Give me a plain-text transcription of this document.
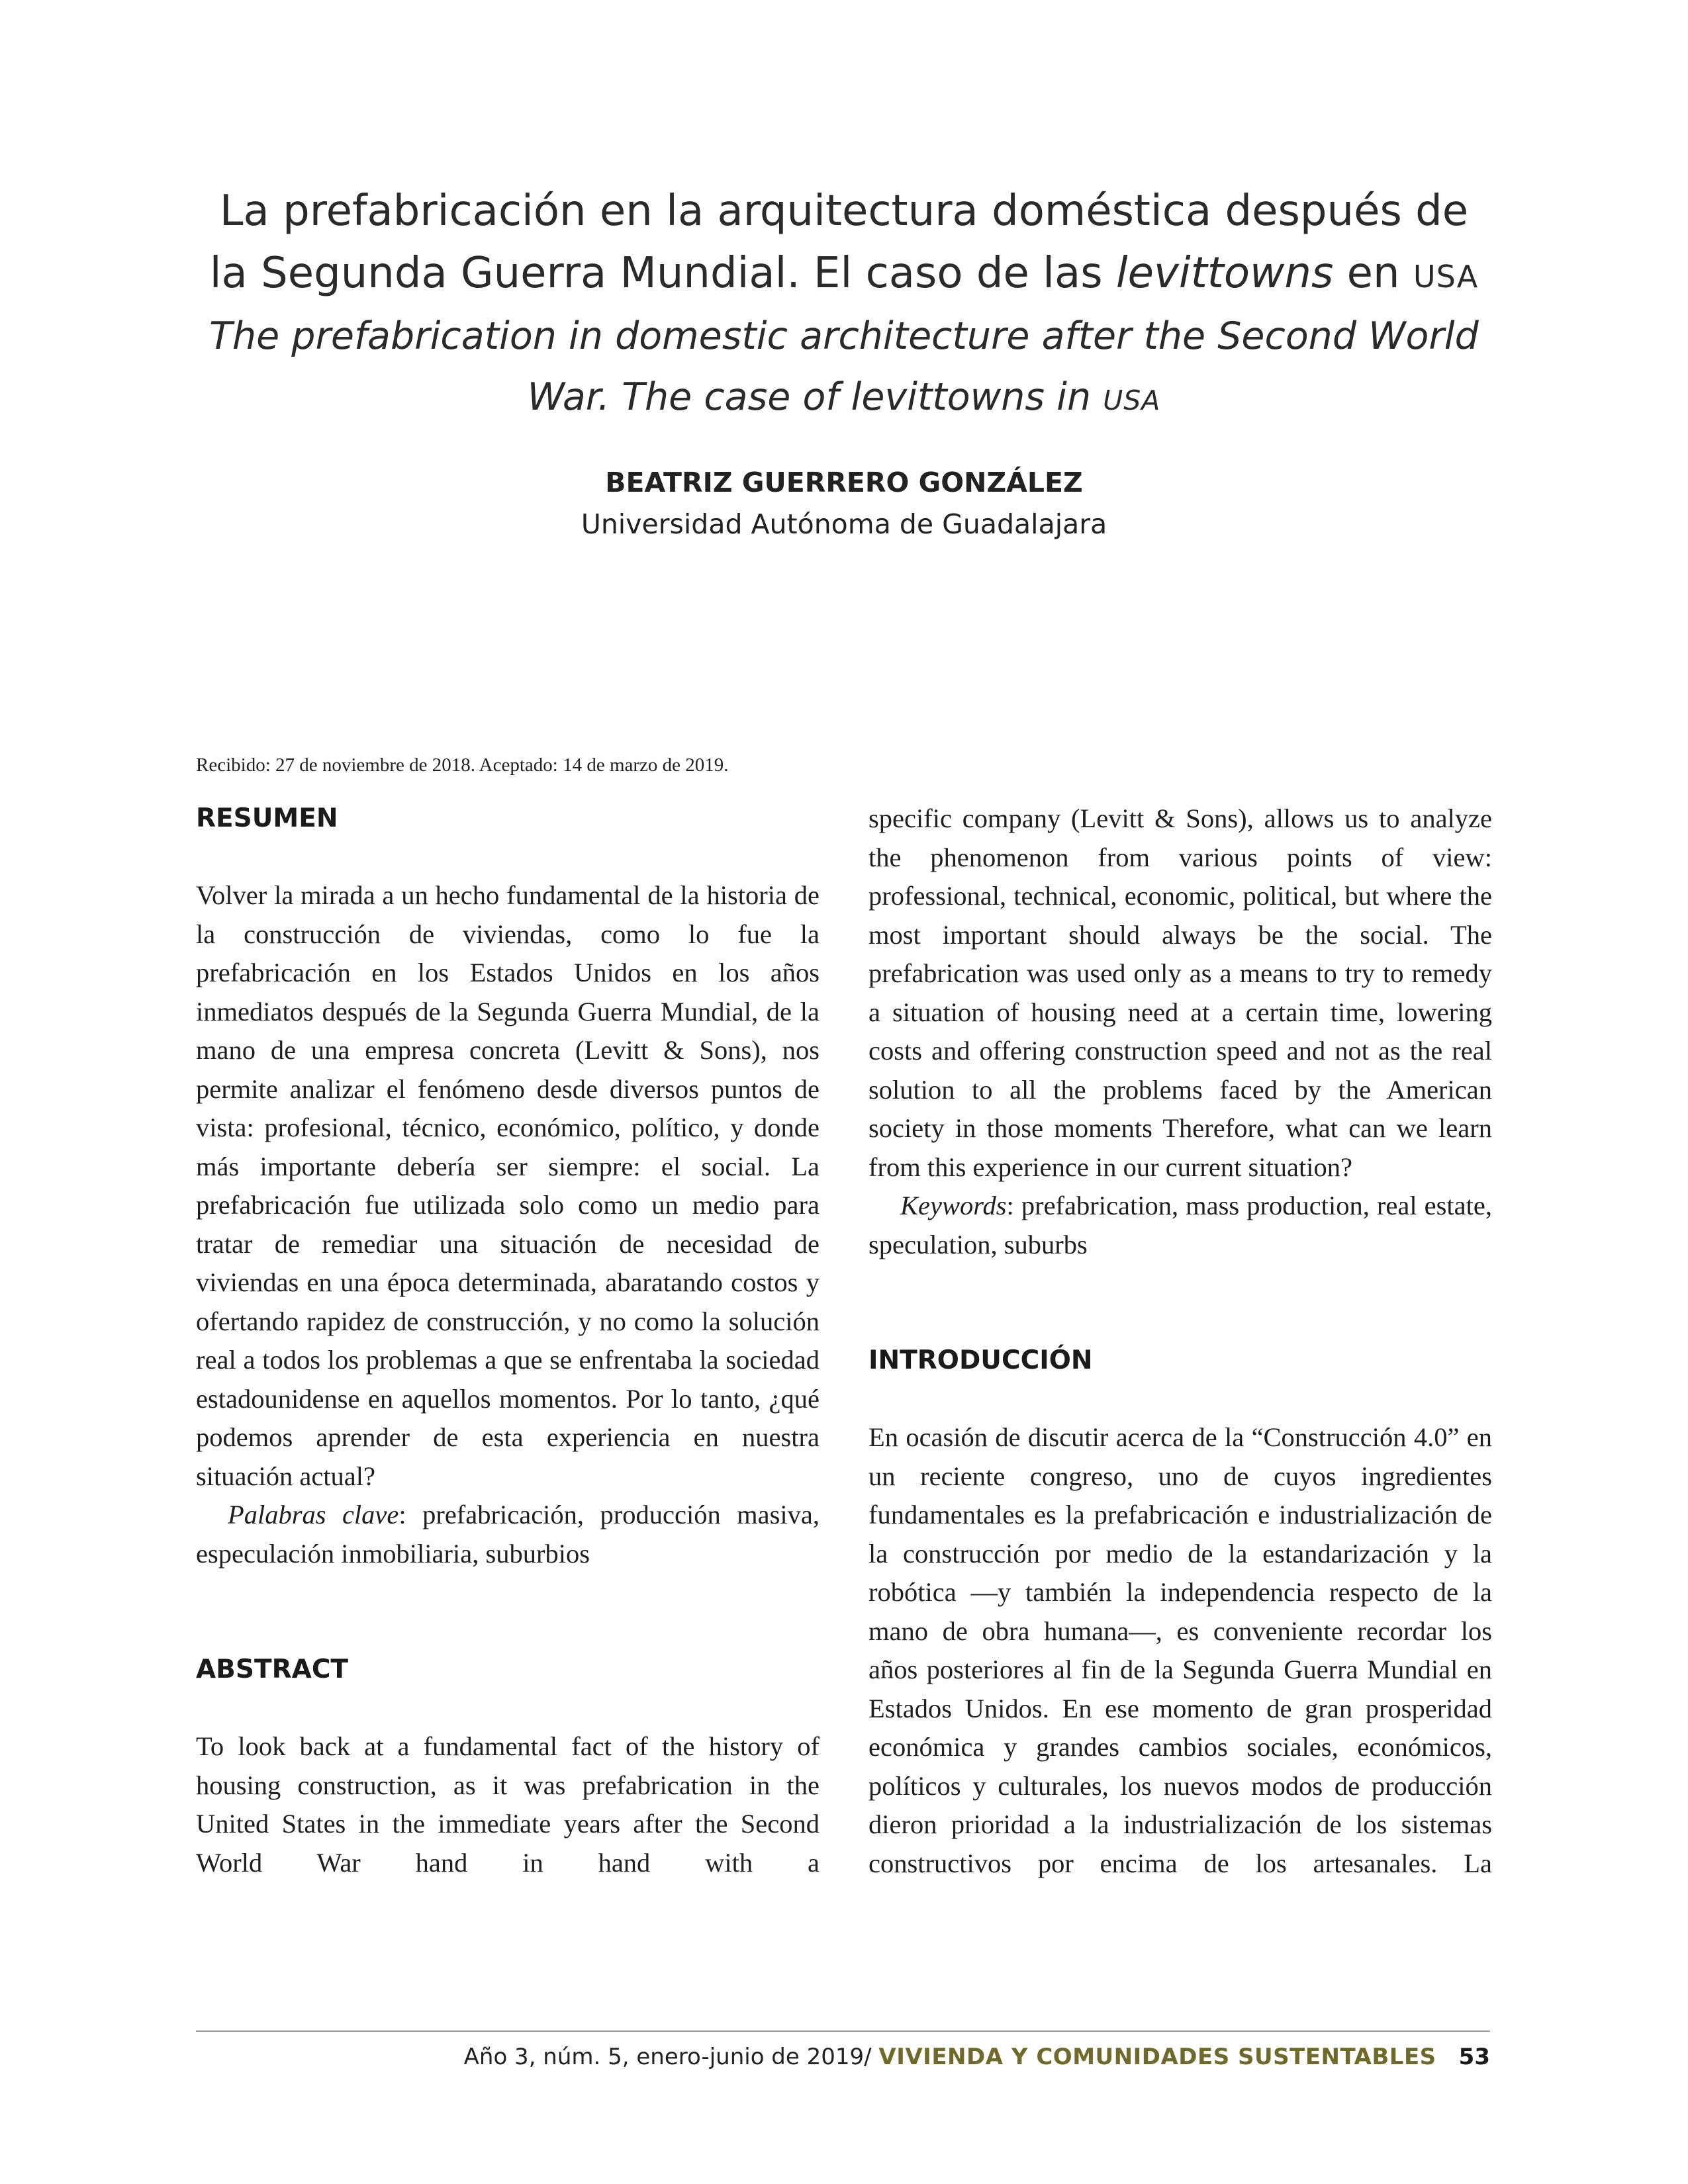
La prefabricación en la arquitectura doméstica después de
la Segunda Guerra Mundial. El caso de las levittowns en USA
The prefabrication in domestic architecture after the Second World
War. The case of levittowns in USA
BEATRIZ GUERRERO GONZÁLEZ
Universidad Autónoma de Guadalajara
Recibido: 27 de noviembre de 2018. Aceptado: 14 de marzo de 2019.
RESUMEN

Volver la mirada a un hecho fundamental de la historia de la construcción de viviendas, como lo fue la prefabricación en los Estados Unidos en los años inmediatos después de la Segunda Guerra Mundial, de la mano de una empresa concreta (Levitt & Sons), nos permite analizar el fenómeno desde diversos puntos de vista: profesional, técnico, económico, político, y donde más importante debería ser siempre: el social. La prefabricación fue utilizada solo como un medio para tratar de remediar una situación de necesidad de viviendas en una época determinada, abaratando costos y ofertando rapidez de construcción, y no como la solución real a todos los problemas a que se enfrentaba la sociedad estadounidense en aquellos momentos. Por lo tanto, ¿qué podemos aprender de esta experiencia en nuestra situación actual?

Palabras clave: prefabricación, producción masiva, especulación inmobiliaria, suburbios

ABSTRACT

To look back at a fundamental fact of the history of housing construction, as it was prefabrication in the United States in the immediate years after the Second World War hand in hand with a

specific company (Levitt & Sons), allows us to analyze the phenomenon from various points of view: professional, technical, economic, political, but where the most important should always be the social. The prefabrication was used only as a means to try to remedy a situation of housing need at a certain time, lowering costs and offering construction speed and not as the real solution to all the problems faced by the American society in those moments Therefore, what can we learn from this experience in our current situation?

Keywords: prefabrication, mass production, real estate, speculation, suburbs

INTRODUCCIÓN

En ocasión de discutir acerca de la “Construcción 4.0” en un reciente congreso, uno de cuyos ingredientes fundamentales es la prefabricación e industrialización de la construcción por medio de la estandarización y la robótica —y también la independencia respecto de la mano de obra humana—, es conveniente recordar los años posteriores al fin de la Segunda Guerra Mundial en Estados Unidos. En ese momento de gran prosperidad económica y grandes cambios sociales, económicos, políticos y culturales, los nuevos modos de producción dieron prioridad a la industrialización de los sistemas constructivos por encima de los artesanales. La

Año 3, núm. 5, enero-junio de 2019/ VIVIENDA Y COMUNIDADES SUSTENTABLES 53
